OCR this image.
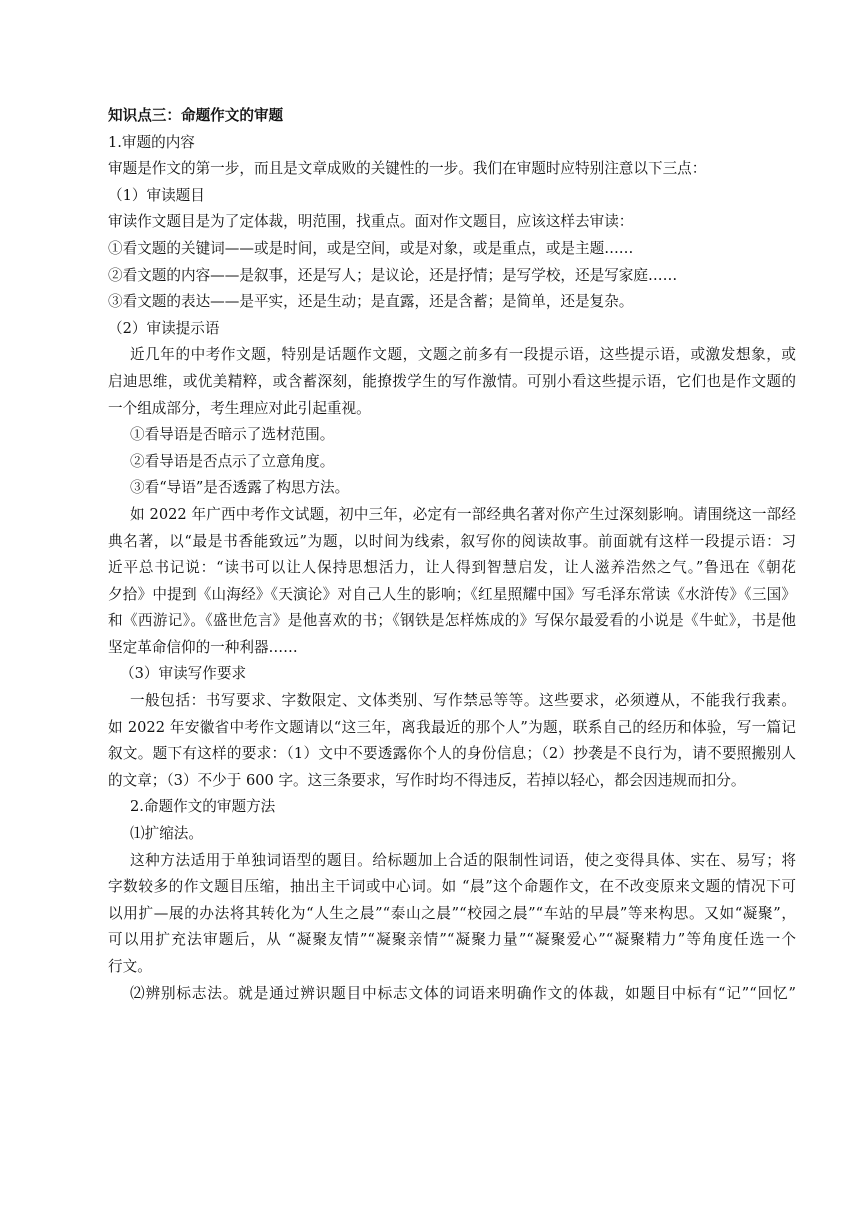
知识点三：命题作文的审题
1.审题的内容
审题是作文的第一步，而且是文章成败的关键性的一步。我们在审题时应特别注意以下三点：
（1）审读题目
审读作文题目是为了定体裁，明范围，找重点。面对作文题目，应该这样去审读：
①看文题的关键词——或是时间，或是空间，或是对象，或是重点，或是主题……
②看文题的内容——是叙事，还是写人；是议论，还是抒情；是写学校，还是写家庭……
③看文题的表达——是平实，还是生动；是直露，还是含蓄；是简单，还是复杂。
（2）审读提示语
近几年的中考作文题，特别是话题作文题，文题之前多有一段提示语，这些提示语，或激发想象，或
启迪思维，或优美精粹，或含蓄深刻，能撩拨学生的写作激情。可别小看这些提示语，它们也是作文题的
一个组成部分，考生理应对此引起重视。
①看导语是否暗示了选材范围。
②看导语是否点示了立意角度。
③看“导语”是否透露了构思方法。
如 2022 年广西中考作文试题，初中三年，必定有一部经典名著对你产生过深刻影响。请围绕这一部经
典名著，以“最是书香能致远”为题，以时间为线索，叙写你的阅读故事。前面就有这样一段提示语：习
近平总书记说：“读书可以让人保持思想活力，让人得到智慧启发，让人滋养浩然之气。”鲁迅在《朝花
夕拾》中提到《山海经》《天演论》对自己人生的影响；《红星照耀中国》写毛泽东常读《水浒传》《三国》
和《西游记》。《盛世危言》是他喜欢的书；《钢铁是怎样炼成的》写保尔最爱看的小说是《牛虻》，书是他
坚定革命信仰的一种利器……
（3）审读写作要求
一般包括：书写要求、字数限定、文体类别、写作禁忌等等。这些要求，必须遵从，不能我行我素。
如 2022 年安徽省中考作文题请以“这三年，离我最近的那个人”为题，联系自己的经历和体验，写一篇记
叙文。题下有这样的要求：（1）文中不要透露你个人的身份信息；（2）抄袭是不良行为，请不要照搬别人
的文章；（3）不少于 600 字。这三条要求，写作时均不得违反，若掉以轻心，都会因违规而扣分。
2.命题作文的审题方法
⑴扩缩法。
这种方法适用于单独词语型的题目。给标题加上合适的限制性词语，使之变得具体、实在、易写；将
字数较多的作文题目压缩，抽出主干词或中心词。如 “晨”这个命题作文，在不改变原来文题的情况下可
以用扩—展的办法将其转化为“人生之晨”“泰山之晨”“校园之晨”“车站的早晨”等来构思。又如“凝聚”，
可以用扩充法审题后，从 “凝聚友情”“凝聚亲情”“凝聚力量”“凝聚爱心”“凝聚精力”等角度任选一个
行文。
⑵辨别标志法。就是通过辨识题目中标志文体的词语来明确作文的体裁，如题目中标有“记”“回忆”
